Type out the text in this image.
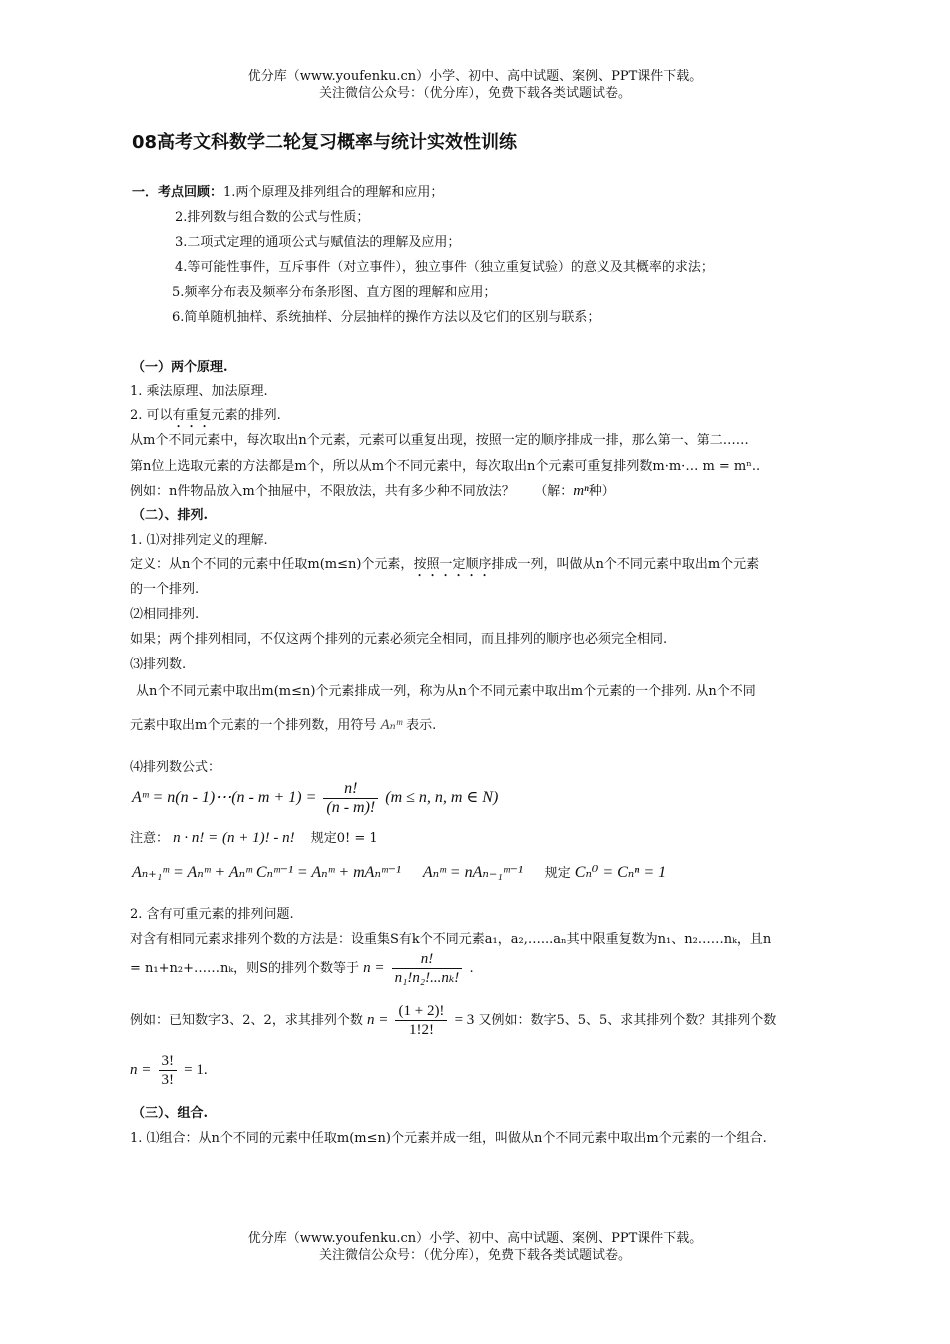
优分库（www.youfenku.cn）小学、初中、高中试题、案例、PPT课件下载。
关注微信公众号：（优分库），免费下载各类试题试卷。
08高考文科数学二轮复习概率与统计实效性训练
一．考点回顾：1.两个原理及排列组合的理解和应用；
2.排列数与组合数的公式与性质；
3.二项式定理的通项公式与赋值法的理解及应用；
4.等可能性事件，互斥事件（对立事件），独立事件（独立重复试验）的意义及其概率的求法；
5.频率分布表及频率分布条形图、直方图的理解和应用；
6.简单随机抽样、系统抽样、分层抽样的操作方法以及它们的区别与联系；
（一）两个原理.
1. 乘法原理、加法原理.
2. 可以有重复元素的排列.
从m个不同元素中，每次取出n个元素，元素可以重复出现，按照一定的顺序排成一排，那么第一、第二……
第n位上选取元素的方法都是m个，所以从m个不同元素中，每次取出n个元素可重复排列数m·m·… m = mⁿ..
例如：n件物品放入m个抽屉中，不限放法，共有多少种不同放法？　　（解：mⁿ种）
（二）、排列.
1. ⑴对排列定义的理解.
定义：从n个不同的元素中任取m(m≤n)个元素，按照一定顺序排成一列，叫做从n个不同元素中取出m个元素
的一个排列.
⑵相同排列.
如果；两个排列相同，不仅这两个排列的元素必须完全相同，而且排列的顺序也必须完全相同.
⑶排列数.
从n个不同元素中取出m(m≤n)个元素排成一列，称为从n个不同元素中取出m个元素的一个排列. 从n个不同
元素中取出m个元素的一个排列数，用符号 Aₙᵐ 表示.
⑷排列数公式：
Aᵐ = n(n - 1)⋯(n - $m + 1) = \frac{n!}{(n - m)!} (m \le n$, n, m ∈ N)
注意： n · n! = (n + 1)! - n! 规定0! = 1
Aₙ₊₁ᵐ = Aₙᵐ + Aₙᵐ Cₙᵐ⁻¹ = Aₙᵐ + mAₙᵐ⁻¹ Aₙᵐ = nAₙ₋₁ᵐ⁻¹ 规定 Cₙ⁰ = Cₙⁿ = 1
2. 含有可重元素的排列问题.
对含有相同元素求排列个数的方法是：设重集S有k个不同元素a₁，a₂,…...aₙ其中限重复数为n₁、n₂……nₖ，且n
= n₁+n₂+……nₖ，则S的排列个数等于 $n = \frac{n!}{\text{n₁!n₂!...nₖ!}}$ .
例如：已知数字3、2、2，求其排列个数 $n = \frac{(1 + 2)!}{1!2!} = 3$ 又例如：数字5、5、5、求其排列个数？其排列个数
$n = \frac{3!}{3!} = 1$.
（三）、组合.
1. ⑴组合：从n个不同的元素中任取m(m≤n)个元素并成一组，叫做从n个不同元素中取出m个元素的一个组合.
优分库（www.youfenku.cn）小学、初中、高中试题、案例、PPT课件下载。
关注微信公众号：（优分库），免费下载各类试题试卷。
